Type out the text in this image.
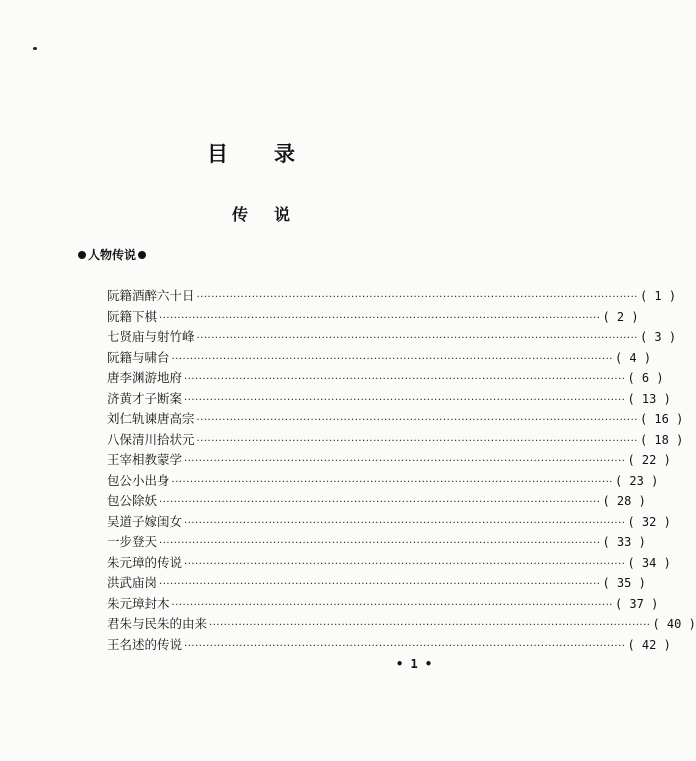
目 录
传 说
人物传说
阮籍酒醉六十日 ························································································································ ( 1 )
阮籍下棋 ························································································································ ( 2 )
七贤庙与射竹峰 ························································································································ ( 3 )
阮籍与啸台 ························································································································ ( 4 )
唐李渊游地府 ························································································································ ( 6 )
济黄才子断案 ························································································································ ( 13 )
刘仁轨谏唐高宗 ························································································································ ( 16 )
八保清川拾状元 ························································································································ ( 18 )
王宰相教蒙学 ························································································································ ( 22 )
包公小出身 ························································································································ ( 23 )
包公除妖 ························································································································ ( 28 )
吴道子嫁闺女 ························································································································ ( 32 )
一步登天 ························································································································ ( 33 )
朱元璋的传说 ························································································································ ( 34 )
洪武庙岗 ························································································································ ( 35 )
朱元璋封木 ························································································································ ( 37 )
君朱与民朱的由来 ························································································································ ( 40 )
王名述的传说 ························································································································ ( 42 )
• 1 •
